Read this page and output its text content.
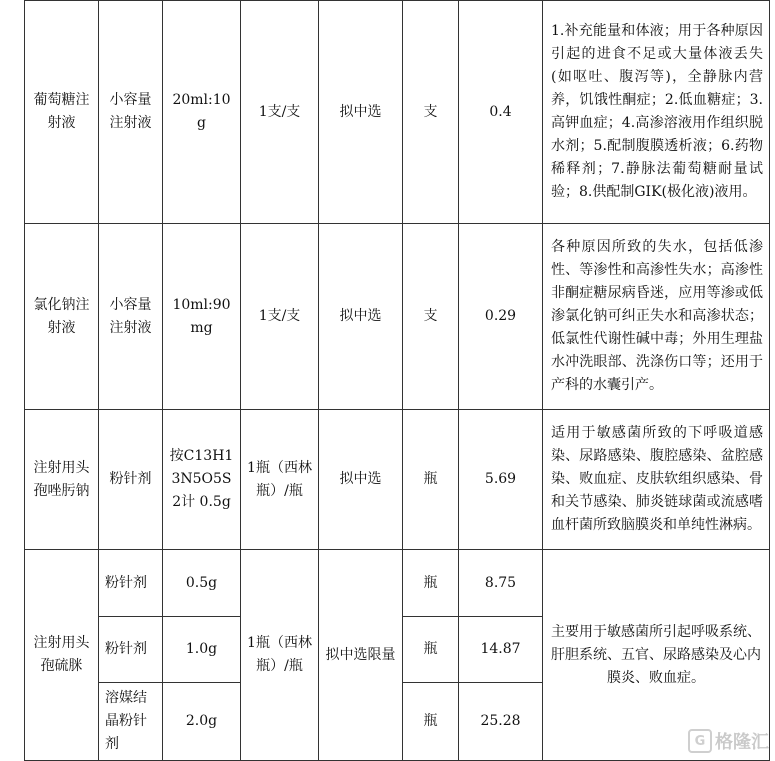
葡萄糖注射液	小容量注射液	20ml:10g	1支/支	拟中选	支	0.4	1.补充能量和体液；用于各种原因引起的进食不足或大量体液丢失(如呕吐、腹泻等)，全静脉内营养，饥饿性酮症；2.低血糖症；3.高钾血症；4.高渗溶液用作组织脱水剂；5.配制腹膜透析液；6.药物稀释剂；7.静脉法葡萄糖耐量试验；8.供配制GIK(极化液)液用。
氯化钠注射液	小容量注射液	10ml:90mg	1支/支	拟中选	支	0.29	各种原因所致的失水，包括低渗性、等渗性和高渗性失水；高渗性非酮症糖尿病昏迷，应用等渗或低渗氯化钠可纠正失水和高渗状态；低氯性代谢性碱中毒；外用生理盐水冲洗眼部、洗涤伤口等；还用于产科的水囊引产。
注射用头孢唑肟钠	粉针剂	按C13H13N5O5S2计 0.5g	1瓶（西林瓶）/瓶	拟中选	瓶	5.69	适用于敏感菌所致的下呼吸道感染、尿路感染、腹腔感染、盆腔感染、败血症、皮肤软组织感染、骨和关节感染、肺炎链球菌或流感嗜血杆菌所致脑膜炎和单纯性淋病。
注射用头孢硫脒	粉针剂	0.5g	1瓶（西林瓶）/瓶	拟中选限量	瓶	8.75	主要用于敏感菌所引起呼吸系统、肝胆系统、五官、尿路感染及心内膜炎、败血症。
	粉针剂	1.0g			瓶	14.87	
	溶媒结晶粉针剂	2.0g			瓶	25.28	
G 格隆汇
